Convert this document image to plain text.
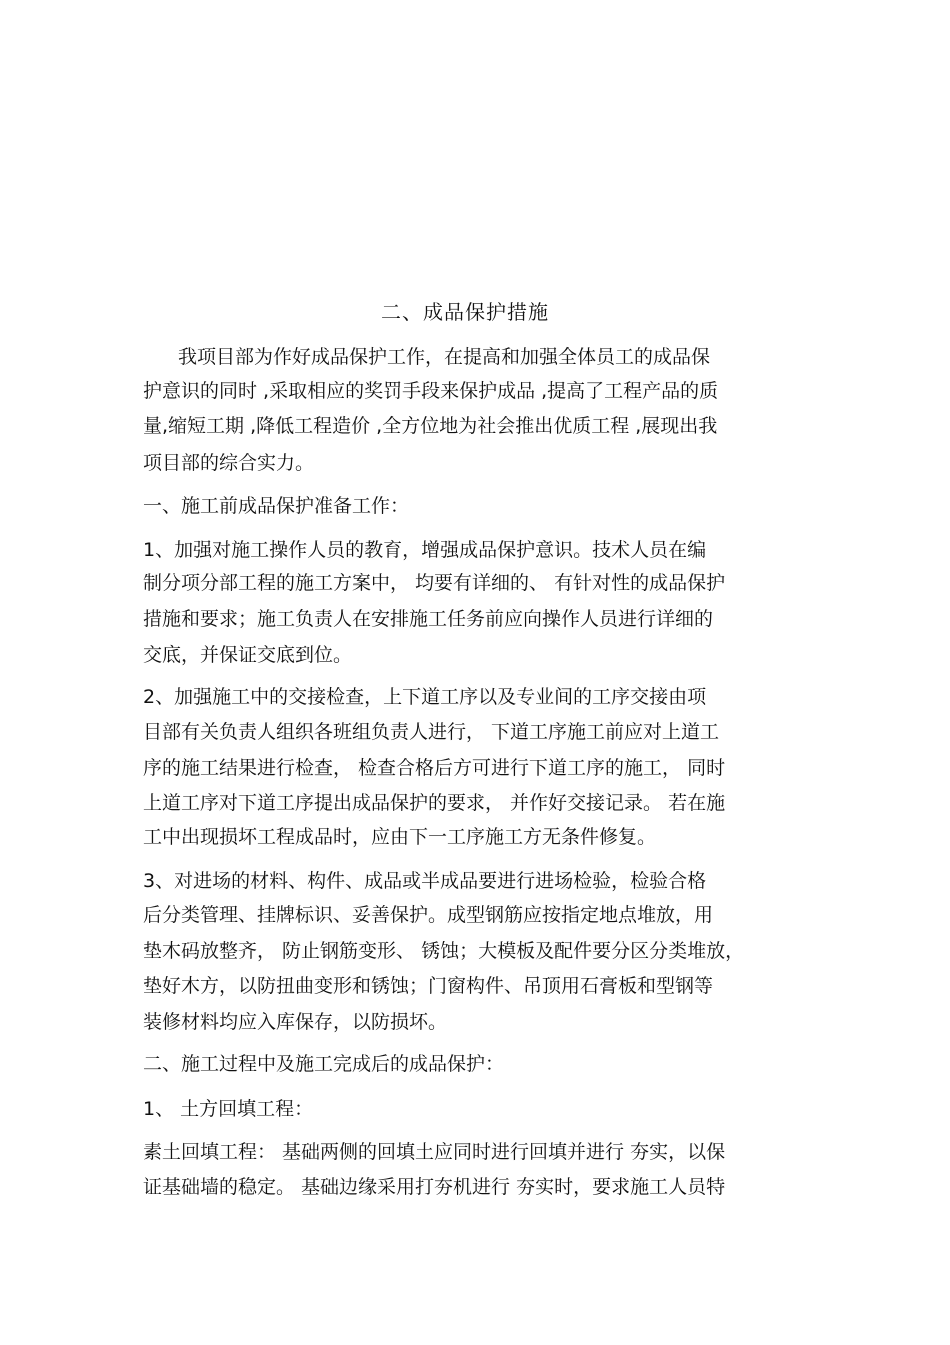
二、成品保护措施
我项目部为作好成品保护工作，在提高和加强全体员工的成品保
护意识的同时 ,采取相应的奖罚手段来保护成品 ,提高了工程产品的质
量,缩短工期 ,降低工程造价 ,全方位地为社会推出优质工程 ,展现出我
项目部的综合实力。
一、施工前成品保护准备工作：
1、加强对施工操作人员的教育，增强成品保护意识。技术人员在编
制分项分部工程的施工方案中， 均要有详细的、 有针对性的成品保护
措施和要求；施工负责人在安排施工任务前应向操作人员进行详细的
交底，并保证交底到位。
2、加强施工中的交接检查，上下道工序以及专业间的工序交接由项
目部有关负责人组织各班组负责人进行， 下道工序施工前应对上道工
序的施工结果进行检查， 检查合格后方可进行下道工序的施工， 同时
上道工序对下道工序提出成品保护的要求， 并作好交接记录。 若在施
工中出现损坏工程成品时，应由下一工序施工方无条件修复。
3、对进场的材料、构件、成品或半成品要进行进场检验，检验合格
后分类管理、挂牌标识、妥善保护。成型钢筋应按指定地点堆放，用
垫木码放整齐， 防止钢筋变形、 锈蚀；大模板及配件要分区分类堆放，
垫好木方，以防扭曲变形和锈蚀；门窗构件、吊顶用石膏板和型钢等
装修材料均应入库保存，以防损坏。
二、施工过程中及施工完成后的成品保护：
1、 土方回填工程：
素土回填工程： 基础两侧的回填土应同时进行回填并进行 夯实，以保
证基础墙的稳定。 基础边缘采用打夯机进行 夯实时，要求施工人员特
